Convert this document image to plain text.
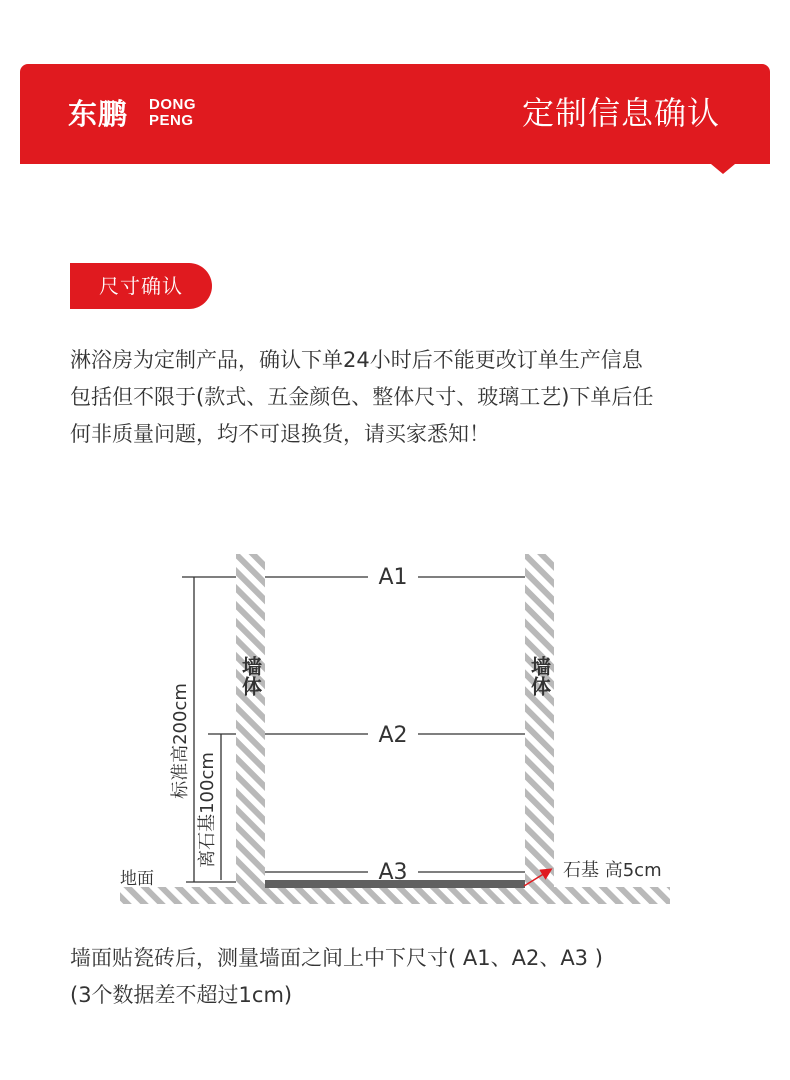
东鹏 DONG
PENG	定制信息确认
尺寸确认
淋浴房为定制产品，确认下单24小时后不能更改订单生产信息
包括但不限于(款式、五金颜色、整体尺寸、玻璃工艺)下单后任
何非质量问题，均不可退换货，请买家悉知！
墙体	墙体
A1
A2
A3
标准高200cm
离石基100cm
地面	石基 高5cm
墙面贴瓷砖后，测量墙面之间上中下尺寸( A1、A2、A3 )
(3个数据差不超过1cm)
